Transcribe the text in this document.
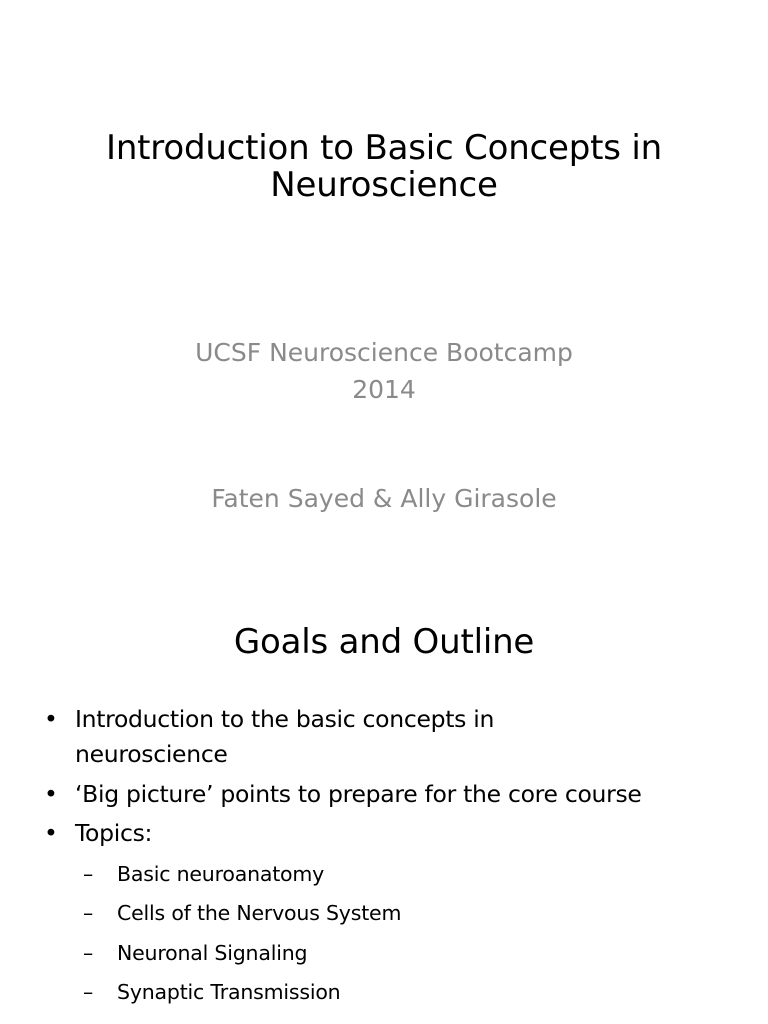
Introduction to Basic Concepts in
Neuroscience
UCSF Neuroscience Bootcamp
2014
Faten Sayed & Ally Girasole
Goals and Outline
• Introduction to the basic concepts in
neuroscience
• ‘Big picture’ points to prepare for the core course
• Topics:
– Basic neuroanatomy
– Cells of the Nervous System
– Neuronal Signaling
– Synaptic Transmission
